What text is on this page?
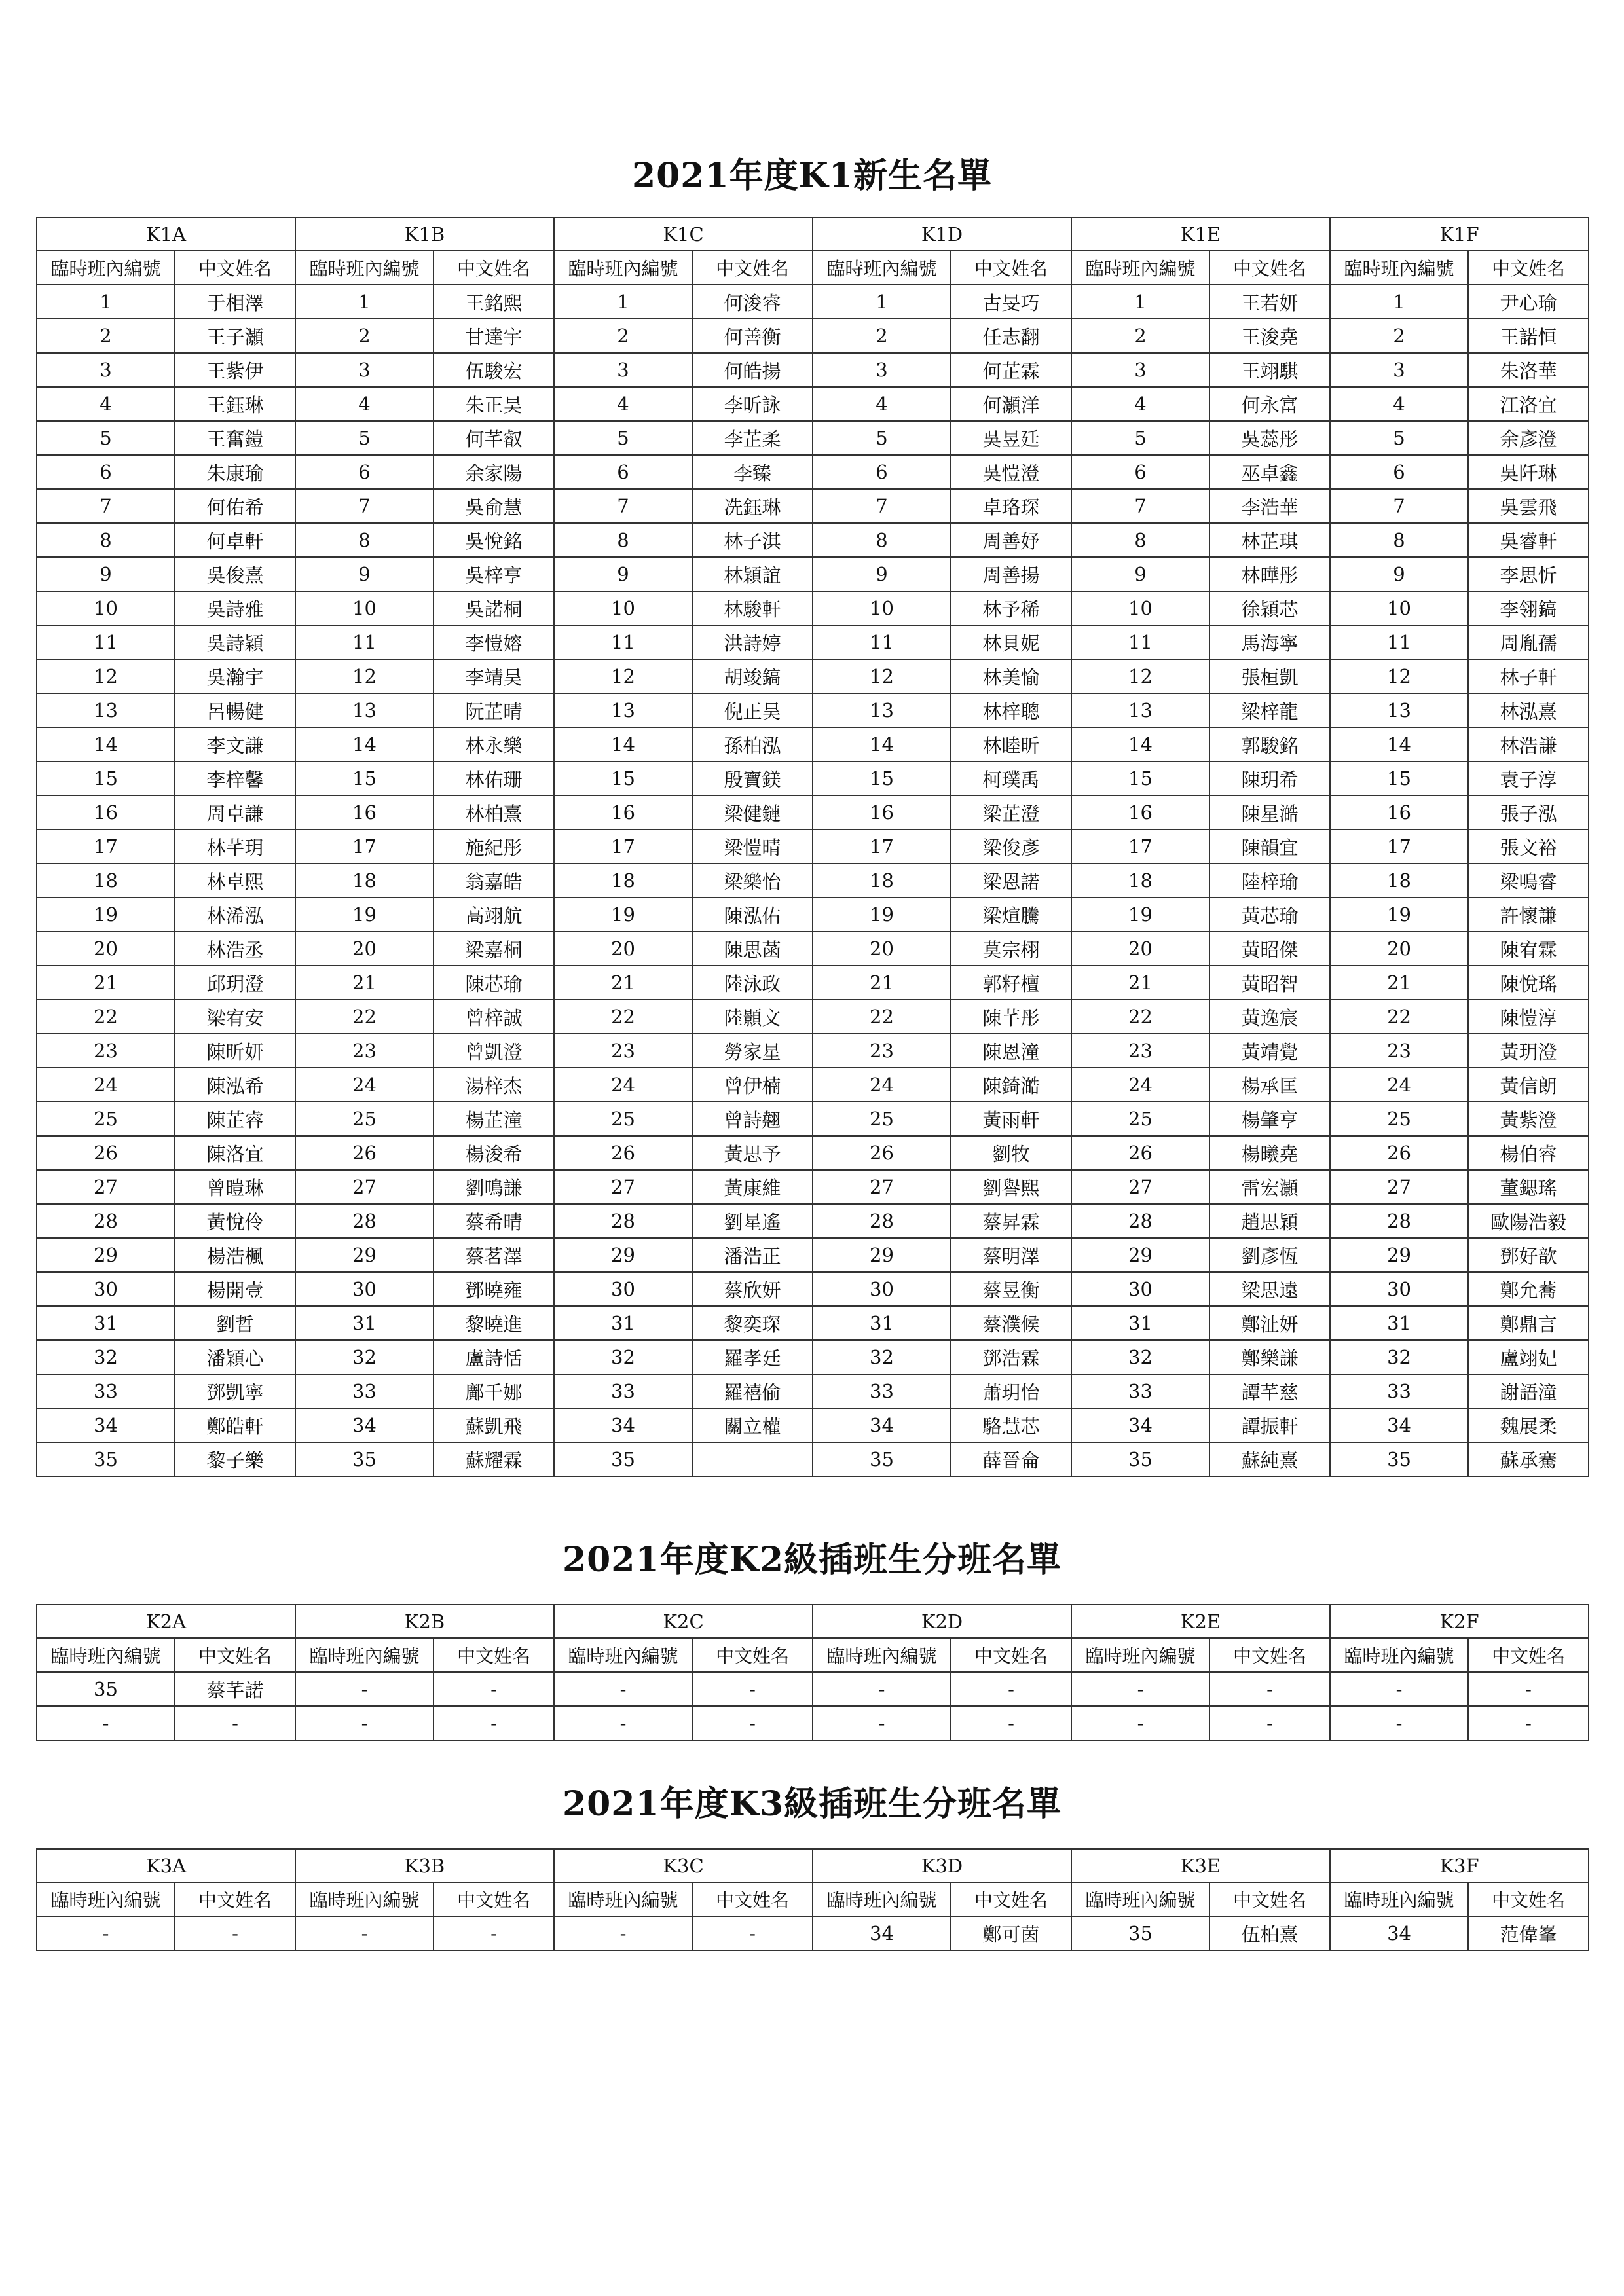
2021年度K1新生名單
K1A		K1B		K1C		K1D		K1E		K1F	
臨時班內編號	中文姓名	臨時班內編號	中文姓名	臨時班內編號	中文姓名	臨時班內編號	中文姓名	臨時班內編號	中文姓名	臨時班內編號	中文姓名
1	于相澤	1	王銘熙	1	何浚睿	1	古旻巧	1	王若妍	1	尹心瑜
2	王子灝	2	甘達宇	2	何善衡	2	任志翻	2	王浚堯	2	王諾恒
3	王紫伊	3	伍駿宏	3	何皓揚	3	何芷霖	3	王翊騏	3	朱洛華
4	王鈺琳	4	朱正昊	4	李昕詠	4	何灝洋	4	何永富	4	江洛宜
5	王奮鎧	5	何芊叡	5	李芷柔	5	吳昱廷	5	吳蕊彤	5	余彥澄
6	朱康瑜	6	余家陽	6	李臻	6	吳愷澄	6	巫卓鑫	6	吳阡琳
7	何佑希	7	吳俞慧	7	冼鈺琳	7	卓珞琛	7	李浩華	7	吳雲飛
8	何卓軒	8	吳悅銘	8	林子淇	8	周善妤	8	林芷琪	8	吳睿軒
9	吳俊熹	9	吳梓亨	9	林穎誼	9	周善揚	9	林曄彤	9	李思忻
10	吳詩雅	10	吳諾桐	10	林駿軒	10	林予稀	10	徐穎芯	10	李翎鎬
11	吳詩穎	11	李愷嫆	11	洪詩婷	11	林貝妮	11	馬海寧	11	周胤孺
12	吳瀚宇	12	李靖昊	12	胡竣鎬	12	林美愉	12	張桓凱	12	林子軒
13	呂暢健	13	阮芷晴	13	倪正昊	13	林梓聰	13	梁梓龍	13	林泓熹
14	李文謙	14	林永樂	14	孫柏泓	14	林睦昕	14	郭駿銘	14	林浩謙
15	李梓馨	15	林佑珊	15	殷寶鎂	15	柯璞禹	15	陳玥希	15	袁子淳
16	周卓謙	16	林柏熹	16	梁健鏈	16	梁芷澄	16	陳星澔	16	張子泓
17	林芊玥	17	施紀彤	17	梁愷晴	17	梁俊彥	17	陳韻宜	17	張文裕
18	林卓熙	18	翁嘉皓	18	梁樂怡	18	梁恩諾	18	陸梓瑜	18	梁鳴睿
19	林浠泓	19	高翊航	19	陳泓佑	19	梁煊騰	19	黃芯瑜	19	許懷謙
20	林浩丞	20	梁嘉桐	20	陳思菡	20	莫宗栩	20	黃昭傑	20	陳宥霖
21	邱玥澄	21	陳芯瑜	21	陸泳政	21	郭籽檀	21	黃昭智	21	陳悅瑤
22	梁宥安	22	曾梓誠	22	陸顥文	22	陳芊彤	22	黃逸宸	22	陳愷淳
23	陳昕妍	23	曾凱澄	23	勞家星	23	陳恩潼	23	黃靖覺	23	黃玥澄
24	陳泓希	24	湯梓杰	24	曾伊楠	24	陳錡澔	24	楊承匡	24	黃信朗
25	陳芷睿	25	楊芷潼	25	曾詩翹	25	黃雨軒	25	楊肇亨	25	黃紫澄
26	陳洛宜	26	楊浚希	26	黃思予	26	劉牧	26	楊曦堯	26	楊伯睿
27	曾暟琳	27	劉鳴謙	27	黃康維	27	劉譽熙	27	雷宏灝	27	董鍶瑤
28	黃悅伶	28	蔡希晴	28	劉星遙	28	蔡昇霖	28	趙思穎	28	歐陽浩毅
29	楊浩楓	29	蔡茗澤	29	潘浩正	29	蔡明澤	29	劉彥恆	29	鄧好歆
30	楊開壹	30	鄧曉雍	30	蔡欣妍	30	蔡昱衡	30	梁思遠	30	鄭允蕎
31	劉哲	31	黎曉進	31	黎奕琛	31	蔡濮候	31	鄭沚妍	31	鄭鼎言
32	潘穎心	32	盧詩恬	32	羅孝廷	32	鄧浩霖	32	鄭樂謙	32	盧翊妃
33	鄧凱寧	33	鄺千娜	33	羅禧偷	33	蕭玥怡	33	譚芊慈	33	謝語潼
34	鄭皓軒	34	蘇凱飛	34	關立權	34	駱慧芯	34	譚振軒	34	魏展柔
35	黎子樂	35	蘇耀霖	35		35	薛晉侖	35	蘇純熹	35	蘇承騫
2021年度K2級插班生分班名單
K2A		K2B		K2C		K2D		K2E		K2F	
臨時班內編號	中文姓名	臨時班內編號	中文姓名	臨時班內編號	中文姓名	臨時班內編號	中文姓名	臨時班內編號	中文姓名	臨時班內編號	中文姓名
35	蔡芊諾	-	-	-	-	-	-	-	-	-	-
-	-	-	-	-	-	-	-	-	-	-	-
2021年度K3級插班生分班名單
K3A		K3B		K3C		K3D		K3E		K3F	
臨時班內編號	中文姓名	臨時班內編號	中文姓名	臨時班內編號	中文姓名	臨時班內編號	中文姓名	臨時班內編號	中文姓名	臨時班內編號	中文姓名
-	-	-	-	-	-	34	鄭可茵	35	伍柏熹	34	范偉峯
